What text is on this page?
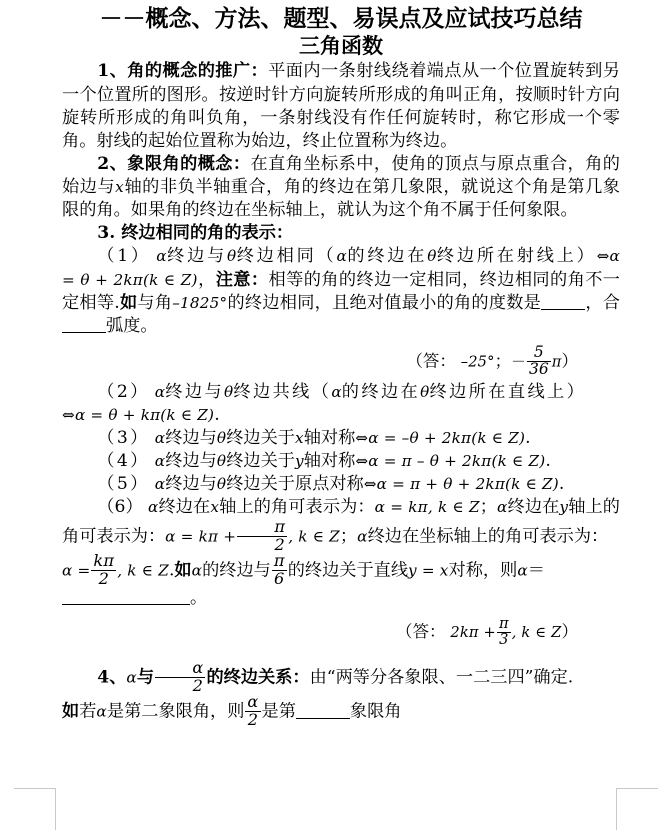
－－概念、方法、题型、易误点及应试技巧总结
三角函数

1、角的概念的推广：平面内一条射线绕着端点从一个位置旋转到另一个位置所的图形。按逆时针方向旋转所形成的角叫正角，按顺时针方向旋转所形成的角叫负角，一条射线没有作任何旋转时，称它形成一个零角。射线的起始位置称为始边，终止位置称为终边。

2、象限角的概念：在直角坐标系中，使角的顶点与原点重合，角的始边与x轴的非负半轴重合，角的终边在第几象限，就说这个角是第几象限的角。如果角的终边在坐标轴上，就认为这个角不属于任何象限。

3. 终边相同的角的表示：

（1） α终边与θ终边相同（α的终边在θ终边所在射线上）⇔α = θ + 2kπ(k ∈ Z)，注意：相等的角的终边一定相同，终边相同的角不一定相等.如与角–1825°的终边相同，且绝对值最小的角的度数是	，合弧度。

（答： –25°；－ $\frac{5}{36} \pi$）

（2） α终边与θ终边共线（α的终边在θ终边所在直线上）

⇔α = θ + kπ(k ∈ Z).

（3） α终边与θ终边关于x轴对称⇔α = –θ + 2kπ(k ∈ Z).

（4） α终边与θ终边关于y轴对称⇔α = π – θ + 2kπ(k ∈ Z).

（5） α终边与θ终边关于原点对称⇔α = π + θ + 2kπ(k ∈ Z).

（6） α终边在x轴上的角可表示为：α = kπ, k ∈ Z；α终边在y轴上的角可表示为：$\alpha = k\pi + \frac{\pi}{2}$ , k ∈ Z；α终边在坐标轴上的角可表示为：

$\alpha = \frac{k\pi}{2}$ , k ∈ Z.如α的终边与 $\frac{\pi}{6}$ 的终边关于直线y = x对称，则α＝

。

（答： $2k\pi + \frac{\pi}{3}$ , k ∈ Z）

4、α与 $\frac{\alpha}{2}$ 的终边关系：由“两等分各象限、一二三四”确定.

如若α是第二象限角，则 $\frac{\alpha}{2}$ 是第	象限角
